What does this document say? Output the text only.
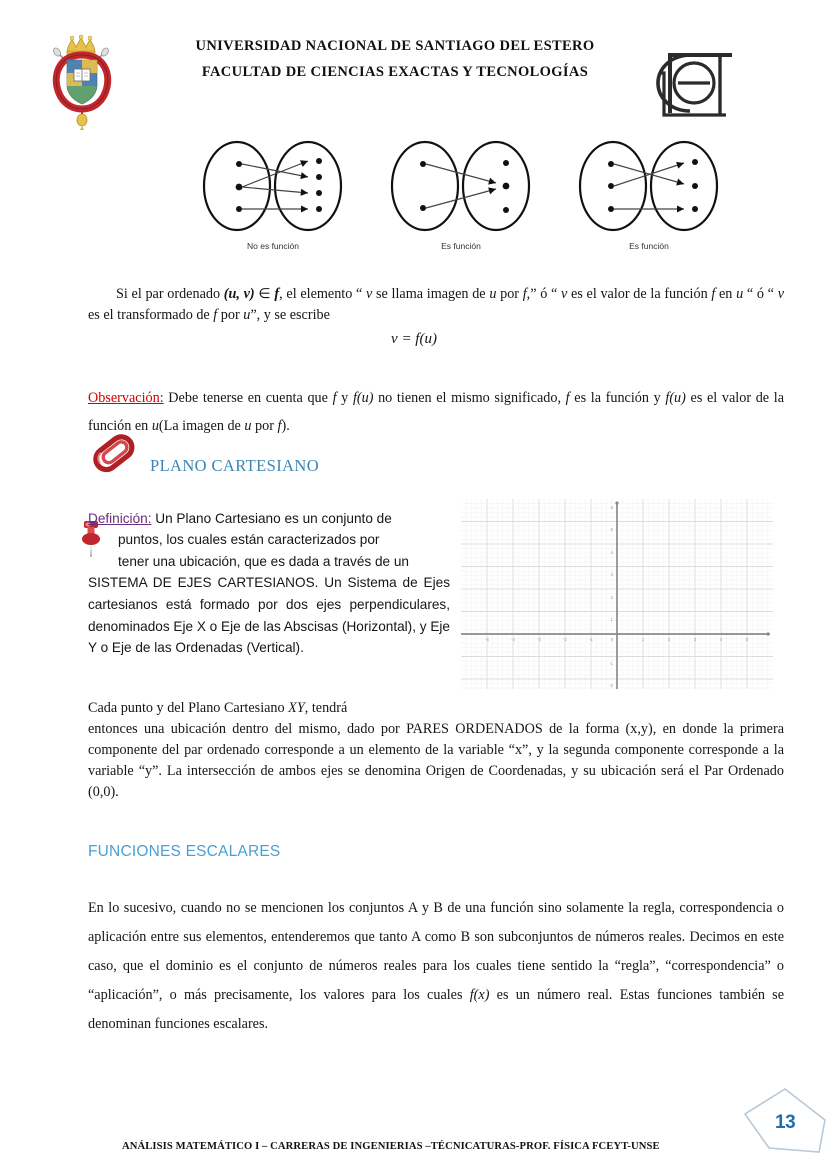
UNIVERSIDAD NACIONAL DE SANTIAGO DEL ESTERO
FACULTAD DE CIENCIAS EXACTAS Y TECNOLOGÍAS
No es función	Es función	Es función

Si el par ordenado (u, v) ∈ f, el elemento “ v se llama imagen de u por f,” ó “ v es el valor de la función f en u “ ó “ v es el transformado de f por u”, y se escribe

v = f(u)

Observación: Debe tenerse en cuenta que f y f(u) no tienen el mismo significado, f es la función y f(u) es el valor de la función en u(La imagen de u por f).

PLANO CARTESIANO

Definición: Un Plano Cartesiano es un conjunto de
puntos, los cuales están caracterizados por
tener una ubicación, que es dada a través de un
SISTEMA DE EJES CARTESIANOS. Un Sistema de Ejes cartesianos está formado por dos ejes perpendiculares, denominados Eje X o Eje de las Abscisas (Horizontal), y Eje Y o Eje de las Ordenadas (Vertical).

-5	-4	-3	-2	-1	0	1	2	3	4	5
6
5
4
3
2
1
-1
-2

Cada punto y del Plano Cartesiano XY, tendrá
entonces una ubicación dentro del mismo, dado por PARES ORDENADOS de la forma (x,y), en donde la primera componente del par ordenado corresponde a un elemento de la variable “x”, y la segunda componente corresponde a la variable “y”. La intersección de ambos ejes se denomina Origen de Coordenadas, y su ubicación será el Par Ordenado (0,0).

FUNCIONES ESCALARES

En lo sucesivo, cuando no se mencionen los conjuntos A y B de una función sino solamente la regla, correspondencia o aplicación entre sus elementos, entenderemos que tanto A como B son subconjuntos de números reales. Decimos en este caso, que el dominio es el conjunto de números reales para los cuales tiene sentido la “regla”, “correspondencia” o “aplicación”, o más precisamente, los valores para los cuales f(x) es un número real. Estas funciones también se denominan funciones escalares.

ANÁLISIS MATEMÁTICO I – CARRERAS DE INGENIERIAS –TÉCNICATURAS-PROF. FÍSICA FCEYT-UNSE
13
